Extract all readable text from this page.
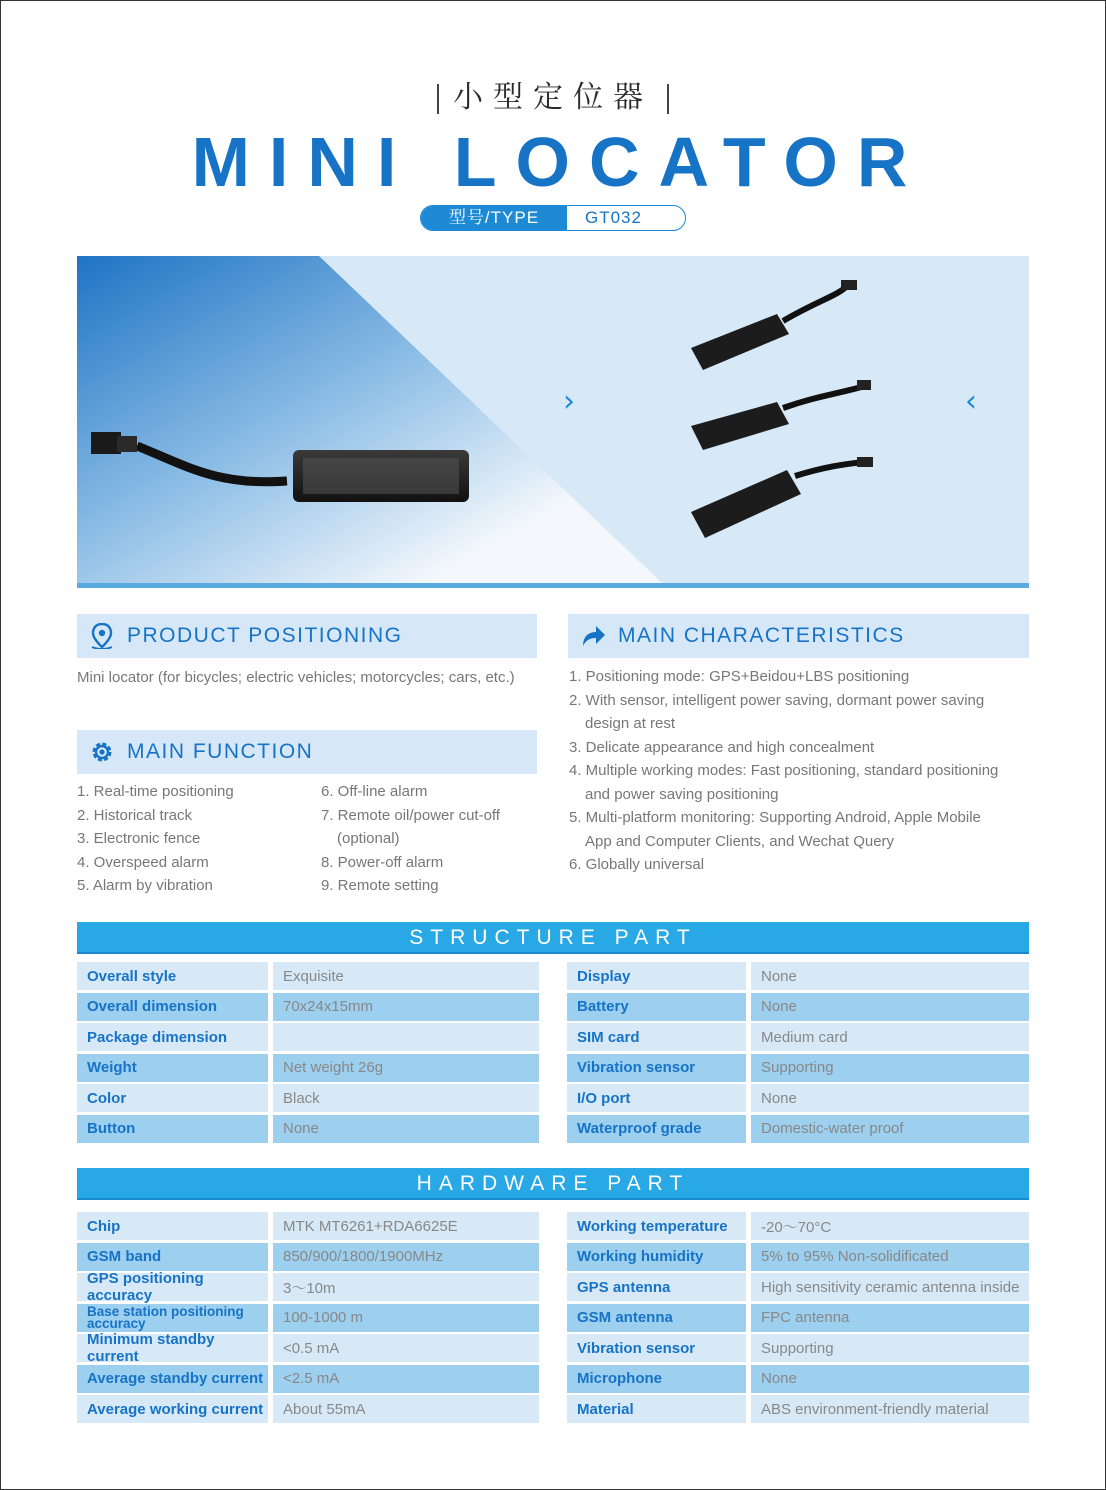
小型定位器
MINI LOCATOR
型号/TYPE	GT032
›	‹
PRODUCT POSITIONING
Mini locator (for bicycles; electric vehicles; motorcycles; cars, etc.)
MAIN FUNCTION
1. Real-time positioning
2. Historical track
3. Electronic fence
4. Overspeed alarm
5. Alarm by vibration
6. Off-line alarm
7. Remote oil/power cut-off
(optional)
8. Power-off alarm
9. Remote setting
MAIN CHARACTERISTICS
1. Positioning mode: GPS+Beidou+LBS positioning
2. With sensor, intelligent power saving, dormant power saving
design at rest
3. Delicate appearance and high concealment
4. Multiple working modes: Fast positioning, standard positioning
and power saving positioning
5. Multi-platform monitoring: Supporting Android, Apple Mobile
App and Computer Clients, and Wechat Query
6. Globally universal
STRUCTURE PART
Overall style	Exquisite
Overall dimension	70x24x15mm
Package dimension
Weight	Net weight 26g
Color	Black
Button	None
Display	None
Battery	None
SIM card	Medium card
Vibration sensor	Supporting
I/O port	None
Waterproof grade	Domestic-water proof
HARDWARE PART
Chip	MTK MT6261+RDA6625E
GSM band	850/900/1800/1900MHz
GPS positioning accuracy	3～10m
Base station positioning accuracy	100-1000 m
Minimum standby current	<0.5 mA
Average standby current	<2.5 mA
Average working current	About 55mA
Working temperature	-20～70°C
Working humidity	5% to 95% Non-solidificated
GPS antenna	High sensitivity ceramic antenna inside
GSM antenna	FPC antenna
Vibration sensor	Supporting
Microphone	None
Material	ABS environment-friendly material
